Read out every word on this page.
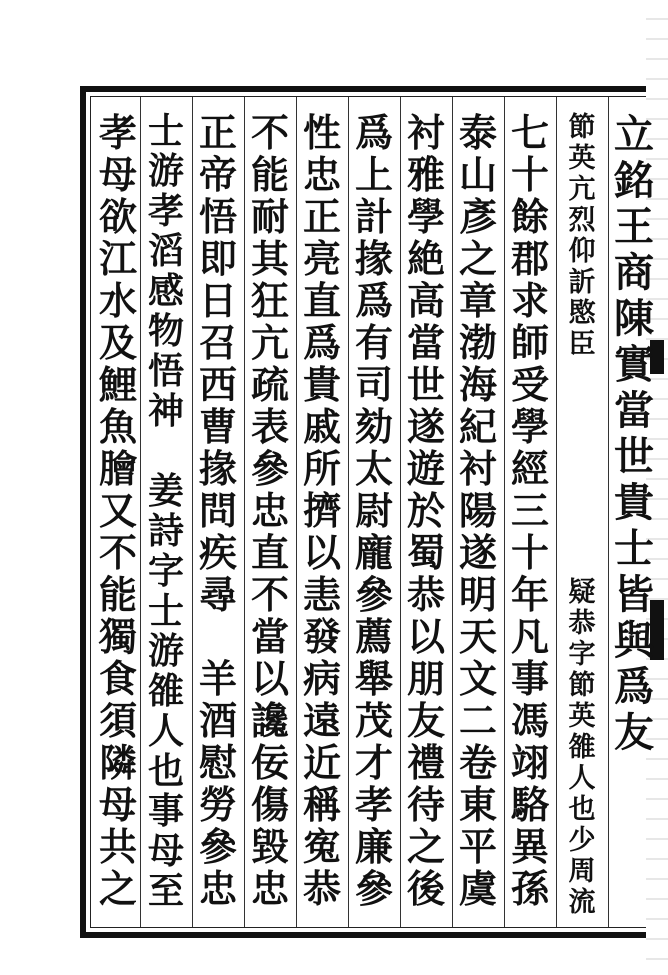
立
銘
王
商
陳
實
當
世
貴
士
皆
與
爲
友
節
英
亢
烈
仰
訢
愍
臣
疑
恭
字
節
英
雒
人
也
少
周
流
七
十
餘
郡
求
師
受
學
經
三
十
年
凡
事
馮
翊
駱
異
孫
泰
山
彥
之
章
渤
海
紀
衬
陽
遂
明
天
文
二
卷
東
平
虞
衬
雅
學
絶
高
當
世
遂
遊
於
蜀
恭
以
朋
友
禮
待
之
後
爲
上
計
掾
爲
有
司
劾
太
尉
龐
參
薦
舉
茂
才
孝
廉
參
性
忠
正
亮
直
爲
貴
戚
所
擠
以
恚
發
病
遠
近
稱
寃
恭
不
能
耐
其
狂
亢
疏
表
參
忠
直
不
當
以
讒
佞
傷
毀
忠
正
帝
悟
即
日
召
西
曹
掾
問
疾
尋
羊
酒
慰
勞
參
忠
士
游
孝
滔
感
物
悟
神
姜
詩
字
士
游
雒
人
也
事
母
至
孝
母
欲
江
水
及
鯉
魚
膾
又
不
能
獨
食
須
隣
母
共
之
